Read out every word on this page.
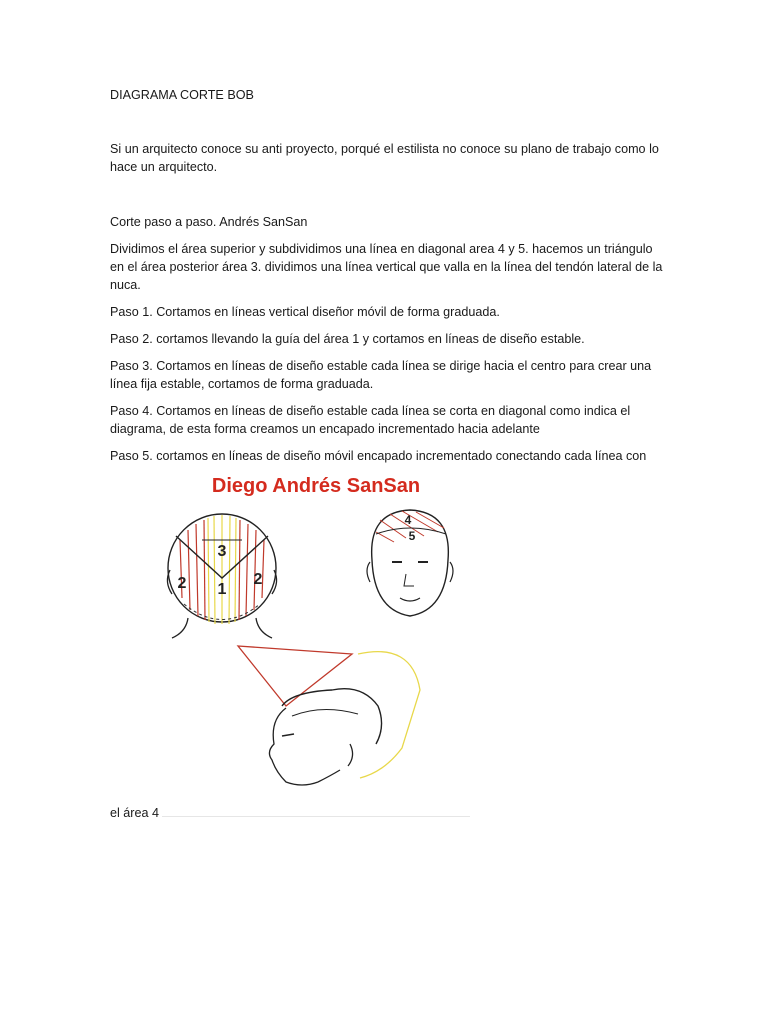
DIAGRAMA CORTE BOB

Si un arquitecto conoce su anti proyecto, porqué el estilista no conoce su plano de trabajo como lo hace un arquitecto.

Corte paso a paso. Andrés SanSan

Dividimos el área superior y subdividimos una línea en diagonal area 4 y 5. hacemos un triángulo en el área posterior área 3. dividimos una línea vertical que valla en la línea del tendón lateral de la nuca.

Paso 1. Cortamos en líneas vertical diseñor móvil de forma graduada.

Paso 2. cortamos llevando la guía del área 1 y cortamos en líneas de diseño estable.

Paso 3. Cortamos en líneas de diseño estable cada línea se dirige hacia el centro para crear una línea fija estable, cortamos de forma graduada.

Paso 4. Cortamos en líneas de diseño estable cada línea se corta en diagonal como indica el diagrama, de esta forma creamos un encapado incrementado hacia adelante

Paso 5. cortamos en líneas de diseño móvil encapado incrementado conectando cada línea con

Diego Andrés SanSan
3
1
2	2
4
5
el área 4
